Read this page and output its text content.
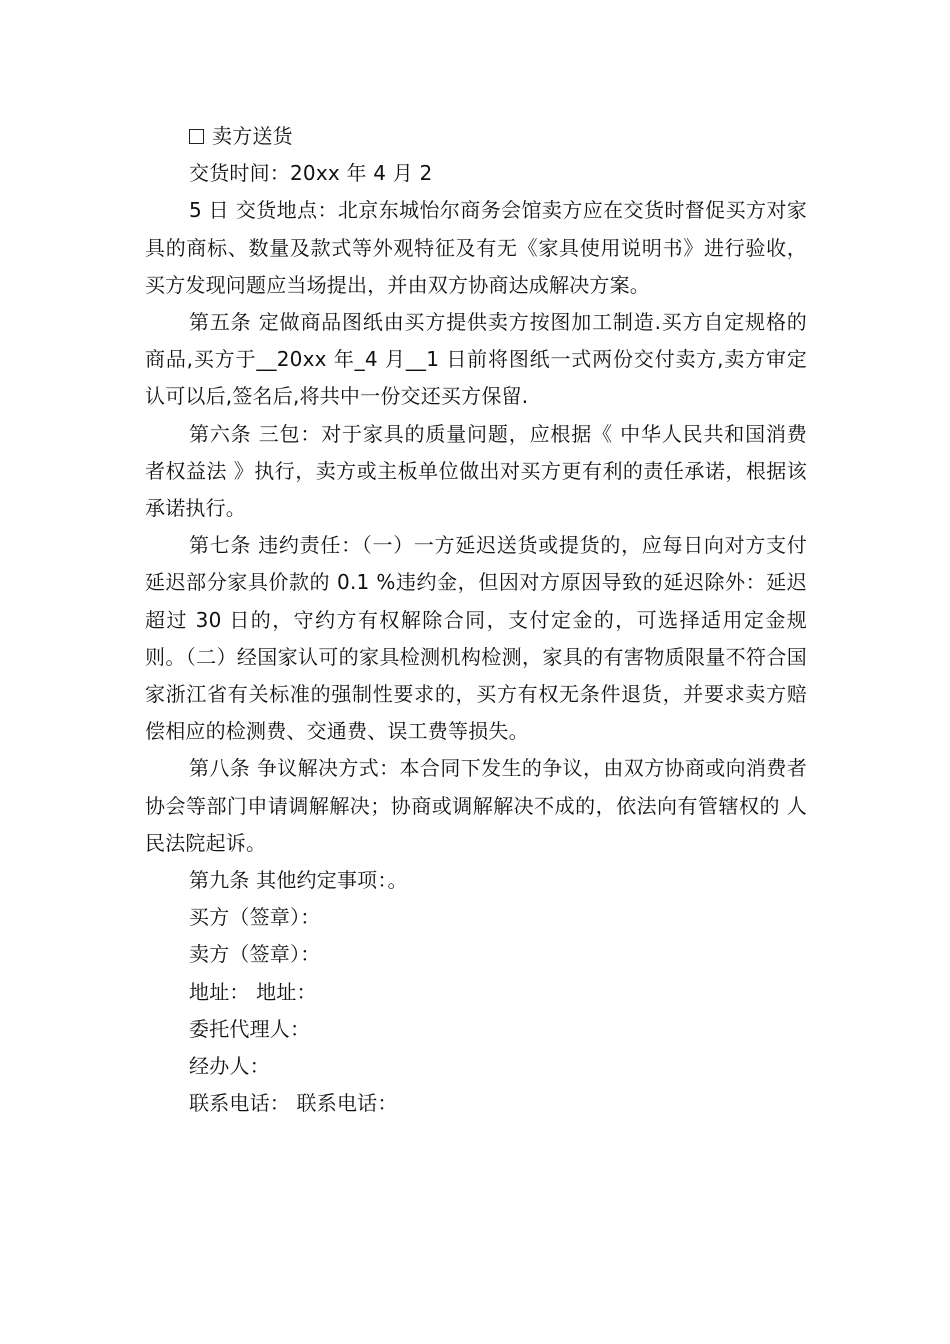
卖方送货

交货时间：20xx 年 4 月 2

5 日 交货地点：北京东城怡尔商务会馆卖方应在交货时督促买方对家具的商标、数量及款式等外观特征及有无《家具使用说明书》进行验收，买方发现问题应当场提出，并由双方协商达成解决方案。

第五条 定做商品图纸由买方提供卖方按图加工制造.买方自定规格的商品,买方于__20xx 年_4 月__1 日前将图纸一式两份交付卖方,卖方审定认可以后,签名后,将共中一份交还买方保留.

第六条 三包：对于家具的质量问题，应根据《 中华人民共和国消费者权益法 》执行，卖方或主板单位做出对买方更有利的责任承诺，根据该承诺执行。

第七条 违约责任：（一）一方延迟送货或提货的，应每日向对方支付延迟部分家具价款的 0.1 %违约金，但因对方原因导致的延迟除外：延迟超过 30 日的，守约方有权解除合同，支付定金的，可选择适用定金规则。（二）经国家认可的家具检测机构检测，家具的有害物质限量不符合国家浙江省有关标准的强制性要求的，买方有权无条件退货，并要求卖方赔偿相应的检测费、交通费、误工费等损失。

第八条 争议解决方式：本合同下发生的争议，由双方协商或向消费者协会等部门申请调解解决；协商或调解解决不成的，依法向有管辖权的 人民法院起诉。

第九条 其他约定事项：。

买方（签章）：

卖方（签章）：

地址： 地址：

委托代理人：

经办人：

联系电话： 联系电话：
